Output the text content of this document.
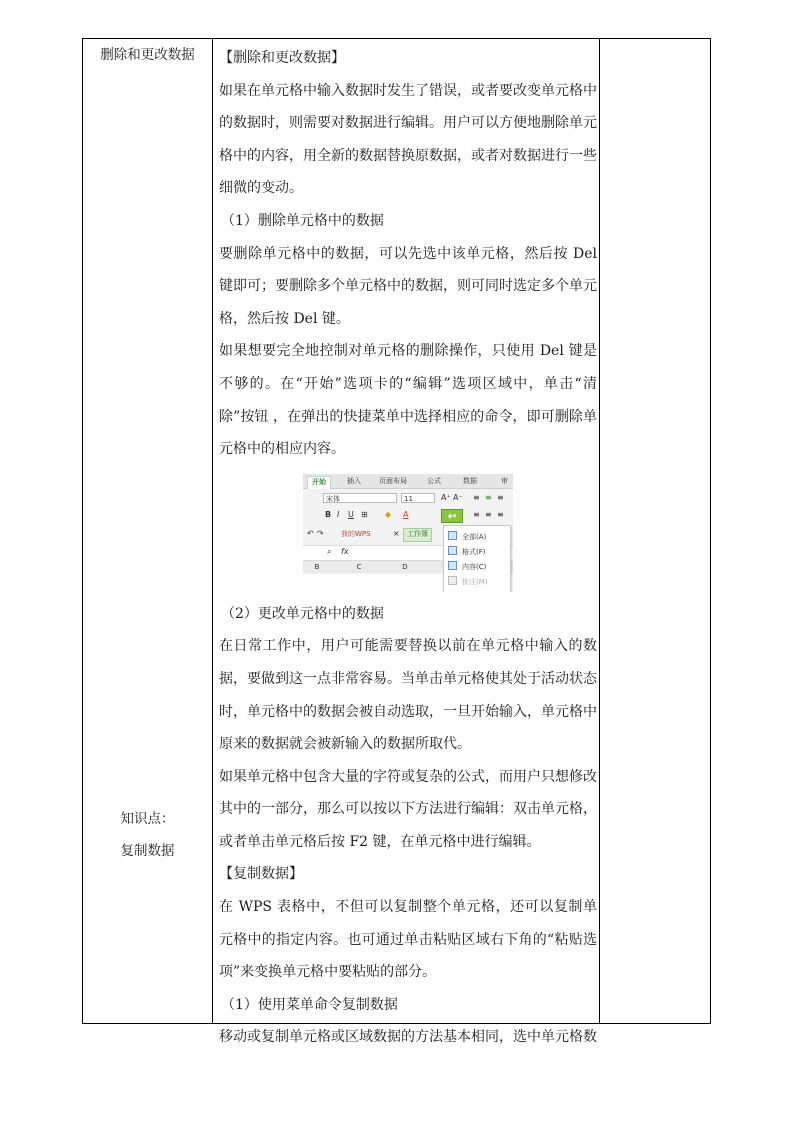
删除和更改数据
知识点：
复制数据

【删除和更改数据】

如果在单元格中输入数据时发生了错误，或者要改变单元格中的数据时，则需要对数据进行编辑。用户可以方便地删除单元格中的内容，用全新的数据替换原数据，或者对数据进行一些细微的变动。

（1）删除单元格中的数据

要删除单元格中的数据，可以先选中该单元格，然后按 Del 键即可；要删除多个单元格中的数据，则可同时选定多个单元格，然后按 Del 键。

如果想要完全地控制对单元格的删除操作，只使用 Del 键是不够的。在“开始”选项卡的“编辑”选项区域中，单击“清除”按钮 ，在弹出的快捷菜单中选择相应的命令，即可删除单元格中的相应内容。

开始	插入	页面布局	公式	数据	审
宋体	11	A⁺ A⁻ ≡ ≡ ≡
B I U ⊞ ◆ A	◈▾	≡ ≡ ≡
↶ ↷ 我的WPS	×	工作簿
⌕ fx
B	C	D
全部(A)
格式(F)
内容(C)
批注(M)

（2）更改单元格中的数据

在日常工作中，用户可能需要替换以前在单元格中输入的数据，要做到这一点非常容易。当单击单元格使其处于活动状态时，单元格中的数据会被自动选取，一旦开始输入，单元格中原来的数据就会被新输入的数据所取代。

如果单元格中包含大量的字符或复杂的公式，而用户只想修改其中的一部分，那么可以按以下方法进行编辑：双击单元格，或者单击单元格后按 F2 键，在单元格中进行编辑。

【复制数据】

在 WPS 表格中，不但可以复制整个单元格，还可以复制单元格中的指定内容。也可通过单击粘贴区域右下角的“粘贴选项”来变换单元格中要粘贴的部分。

（1）使用菜单命令复制数据

移动或复制单元格或区域数据的方法基本相同，选中单元格数
